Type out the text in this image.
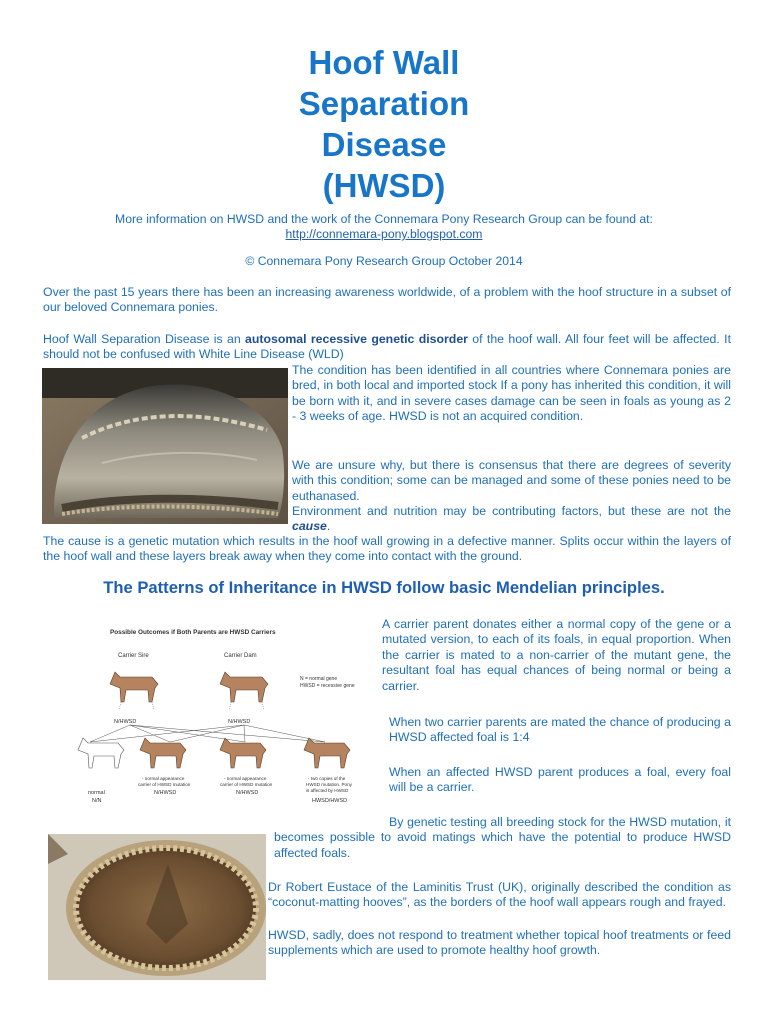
Hoof Wall
Separation
Disease
(HWSD)
More information on HWSD and the work of the Connemara Pony Research Group can be found at:
http://connemara-pony.blogspot.com
© Connemara Pony Research Group October 2014
Over the past 15 years there has been an increasing awareness worldwide, of a problem with the hoof structure in a subset of our beloved Connemara ponies.
Hoof Wall Separation Disease is an autosomal recessive genetic disorder of the hoof wall. All four feet will be affected. It should not be confused with White Line Disease (WLD)
The condition has been identified in all countries where Connemara ponies are bred, in both local and imported stock If a pony has inherited this condition, it will be born with it, and in severe cases damage can be seen in foals as young as 2 - 3 weeks of age. HWSD is not an acquired condition.
We are unsure why, but there is consensus that there are degrees of severity with this condition; some can be managed and some of these ponies need to be euthanased.
Environment and nutrition may be contributing factors, but these are not the cause.
The cause is a genetic mutation which results in the hoof wall growing in a defective manner. Splits occur within the layers of the hoof wall and these layers break away when they come into contact with the ground.
The Patterns of Inheritance in HWSD follow basic Mendelian principles.
Possible Outcomes if Both Parents are HWSD Carriers
Carrier Sire	Carrier Dam
N = normal gene
HWSD = recessive gene
N/HWSD	N/HWSD
normal
N/N
- normal appearance
carrier of HWSD mutation
N/HWSD
- normal appearance
carrier of HWSD mutation
N/HWSD
- two copies of the
HWSD mutation. Pony
is affected by HWSD
HWSD/HWSD
A carrier parent donates either a normal copy of the gene or a mutated version, to each of its foals, in equal proportion. When the carrier is mated to a non-carrier of the mutant gene, the resultant foal has equal chances of being normal or being a carrier.
When two carrier parents are mated the chance of producing a HWSD affected foal is 1:4
When an affected HWSD parent produces a foal, every foal will be a carrier.
By genetic testing all breeding stock for the HWSD mutation, it becomes possible to avoid matings which have the potential to produce HWSD affected foals.
Dr Robert Eustace of the Laminitis Trust (UK), originally described the condition as “coconut-matting hooves”, as the borders of the hoof wall appears rough and frayed.
HWSD, sadly, does not respond to treatment whether topical hoof treatments or feed supplements which are used to promote healthy hoof growth.
